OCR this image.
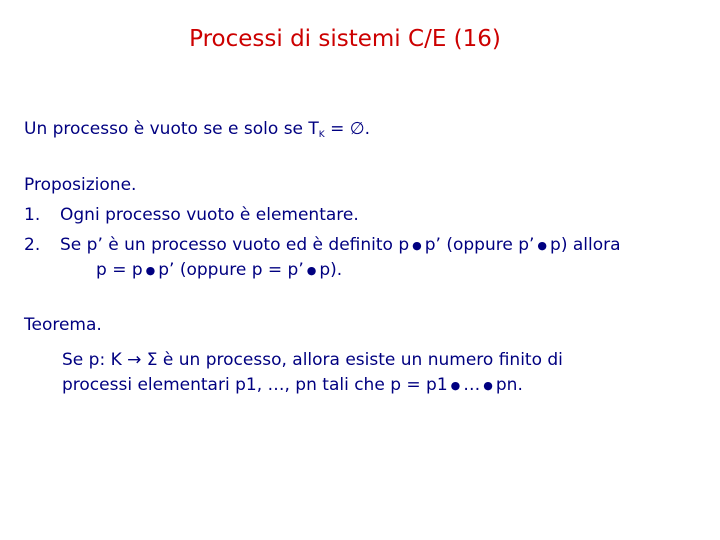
Processi di sistemi C/E (16)
Un processo è vuoto se e solo se $T_K$ = ∅.
Proposizione.
1. Ogni processo vuoto è elementare.
2. Se p’ è un processo vuoto ed è definito p ● p’ (oppure p’ ● p) allora
p = p ● p’ (oppure p = p’ ● p).
Teorema.
Se p: K → Σ è un processo, allora esiste un numero finito di
processi elementari p1, …, pn tali che p = p1 ● … ● pn.
